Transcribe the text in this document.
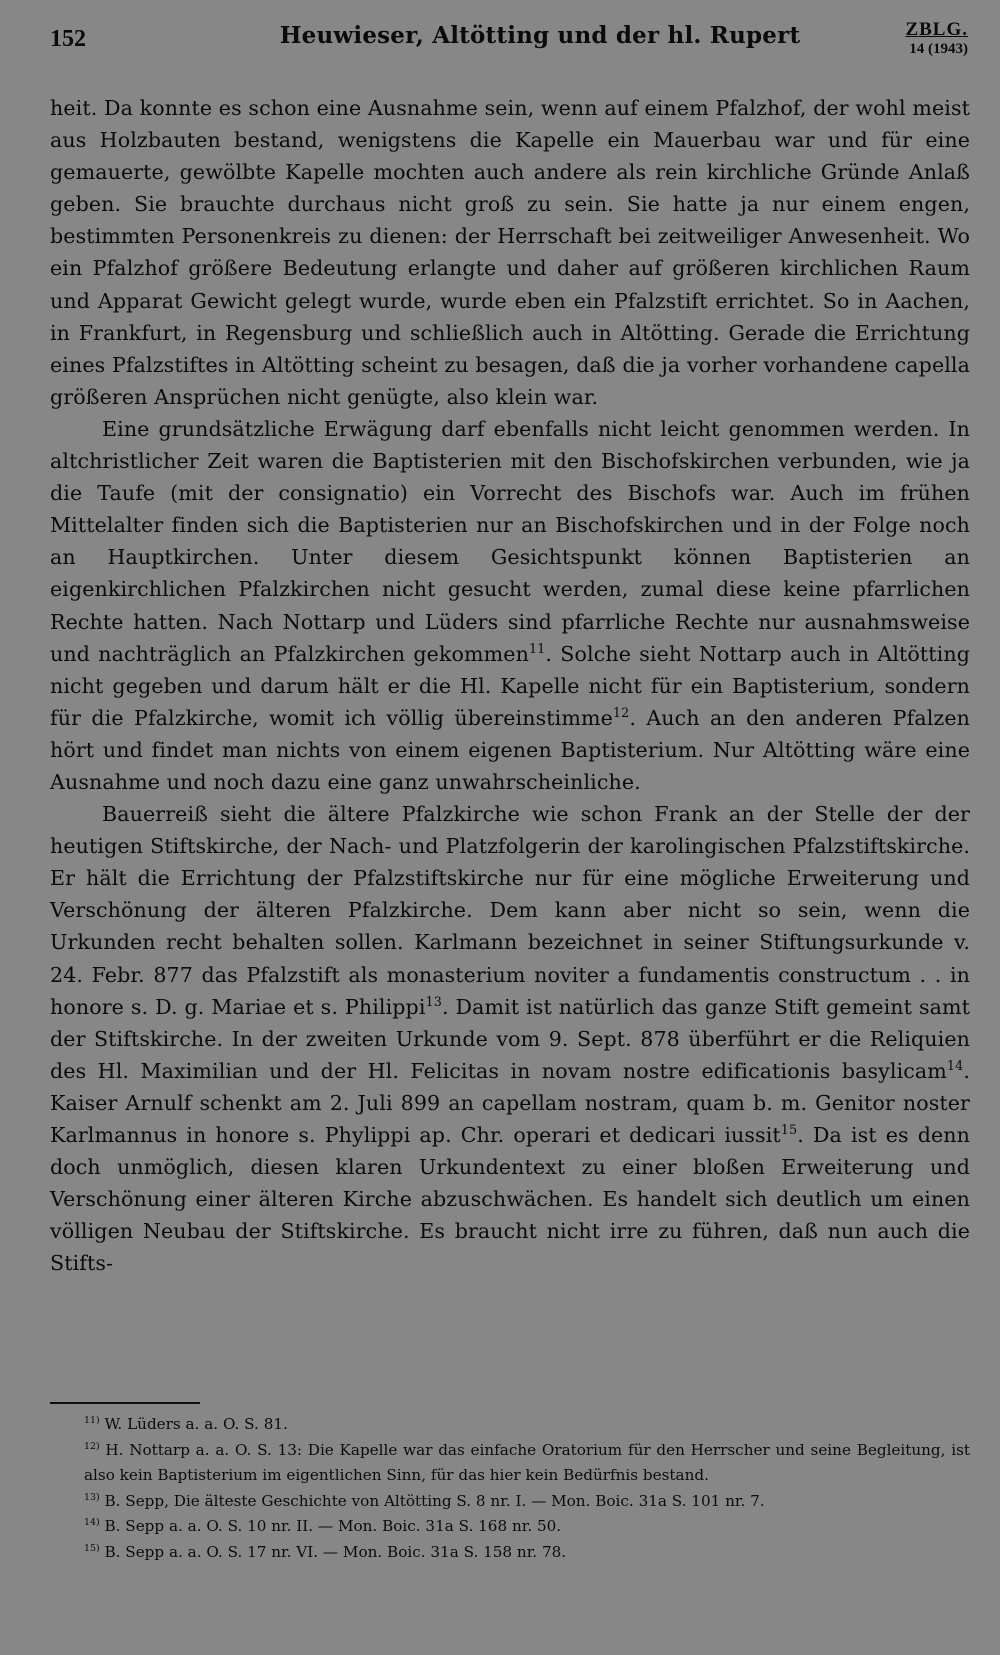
152	Heuwieser, Altötting und der hl. Rupert	ZBLG.
14 (1943)

heit. Da konnte es schon eine Ausnahme sein, wenn auf einem Pfalzhof, der wohl meist aus Holzbauten bestand, wenigstens die Kapelle ein Mauerbau war und für eine gemauerte, gewölbte Kapelle mochten auch andere als rein kirchliche Gründe Anlaß geben. Sie brauchte durchaus nicht groß zu sein. Sie hatte ja nur einem engen, bestimmten Personenkreis zu dienen: der Herrschaft bei zeitweiliger Anwesenheit. Wo ein Pfalzhof größere Bedeutung erlangte und daher auf größeren kirchlichen Raum und Apparat Gewicht gelegt wurde, wurde eben ein Pfalzstift errichtet. So in Aachen, in Frankfurt, in Regensburg und schließlich auch in Altötting. Gerade die Errichtung eines Pfalzstiftes in Altötting scheint zu besagen, daß die ja vorher vorhandene capella größeren Ansprüchen nicht genügte, also klein war.

Eine grundsätzliche Erwägung darf ebenfalls nicht leicht genommen werden. In altchristlicher Zeit waren die Baptisterien mit den Bischofskirchen verbunden, wie ja die Taufe (mit der consignatio) ein Vorrecht des Bischofs war. Auch im frühen Mittelalter finden sich die Baptisterien nur an Bischofskirchen und in der Folge noch an Hauptkirchen. Unter diesem Gesichtspunkt können Baptisterien an eigenkirchlichen Pfalzkirchen nicht gesucht werden, zumal diese keine pfarrlichen Rechte hatten. Nach Nottarp und Lüders sind pfarrliche Rechte nur ausnahmsweise und nachträglich an Pfalzkirchen gekommen$^{11}$. Solche sieht Nottarp auch in Altötting nicht gegeben und darum hält er die Hl. Kapelle nicht für ein Baptisterium, sondern für die Pfalzkirche, womit ich völlig übereinstimme$^{12}$. Auch an den anderen Pfalzen hört und findet man nichts von einem eigenen Baptisterium. Nur Altötting wäre eine Ausnahme und noch dazu eine ganz unwahrscheinliche.

Bauerreiß sieht die ältere Pfalzkirche wie schon Frank an der Stelle der der heutigen Stiftskirche, der Nach- und Platzfolgerin der karolingischen Pfalzstiftskirche. Er hält die Errichtung der Pfalzstiftskirche nur für eine mögliche Erweiterung und Verschönung der älteren Pfalzkirche. Dem kann aber nicht so sein, wenn die Urkunden recht behalten sollen. Karlmann bezeichnet in seiner Stiftungsurkunde v. 24. Febr. 877 das Pfalzstift als monasterium noviter a fundamentis constructum . . in honore s. D. g. Mariae et s. Philippi$^{13}$. Damit ist natürlich das ganze Stift gemeint samt der Stiftskirche. In der zweiten Urkunde vom 9. Sept. 878 überführt er die Reliquien des Hl. Maximilian und der Hl. Felicitas in novam nostre edificationis basylicam$^{14}$. Kaiser Arnulf schenkt am 2. Juli 899 an capellam nostram, quam b. m. Genitor noster Karlmannus in honore s. Phylippi ap. Chr. operari et dedicari iussit$^{15}$. Da ist es denn doch unmöglich, diesen klaren Urkundentext zu einer bloßen Erweiterung und Verschönung einer älteren Kirche abzuschwächen. Es handelt sich deutlich um einen völligen Neubau der Stiftskirche. Es braucht nicht irre zu führen, daß nun auch die Stifts-

$^{11)}$ W. Lüders a. a. O. S. 81.

$^{12)}$ H. Nottarp a. a. O. S. 13: Die Kapelle war das einfache Oratorium für den Herrscher und seine Begleitung, ist also kein Baptisterium im eigentlichen Sinn, für das hier kein Bedürfnis bestand.

$^{13)}$ B. Sepp, Die älteste Geschichte von Altötting S. 8 nr. I. — Mon. Boic. 31a S. 101 nr. 7.

$^{14)}$ B. Sepp a. a. O. S. 10 nr. II. — Mon. Boic. 31a S. 168 nr. 50.

$^{15)}$ B. Sepp a. a. O. S. 17 nr. VI. — Mon. Boic. 31a S. 158 nr. 78.
